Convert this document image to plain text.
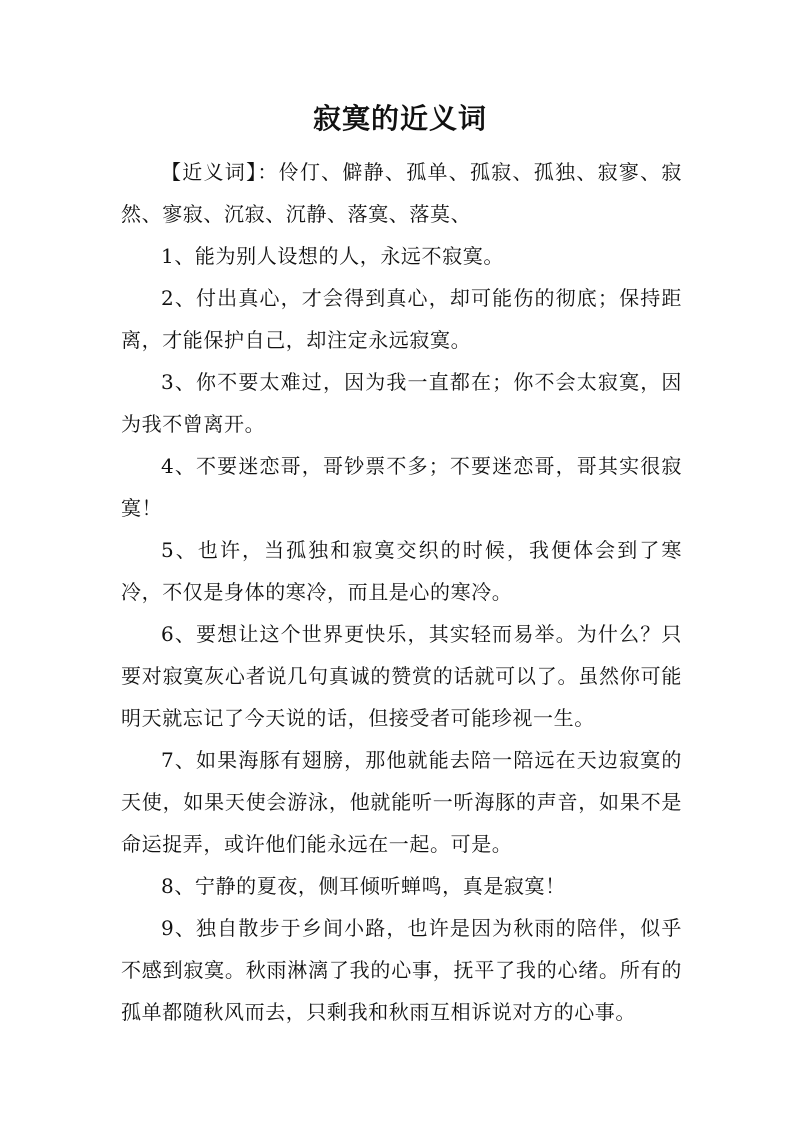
寂寞的近义词

【近义词】：伶仃、僻静、孤单、孤寂、孤独、寂寥、寂然、寥寂、沉寂、沉静、落寞、落莫、

1、能为别人设想的人，永远不寂寞。

2、付出真心，才会得到真心，却可能伤的彻底；保持距离，才能保护自己，却注定永远寂寞。

3、你不要太难过，因为我一直都在；你不会太寂寞，因为我不曾离开。

4、不要迷恋哥，哥钞票不多；不要迷恋哥，哥其实很寂寞！

5、也许，当孤独和寂寞交织的时候，我便体会到了寒冷，不仅是身体的寒冷，而且是心的寒冷。

6、要想让这个世界更快乐，其实轻而易举。为什么？只要对寂寞灰心者说几句真诚的赞赏的话就可以了。虽然你可能明天就忘记了今天说的话，但接受者可能珍视一生。

7、如果海豚有翅膀，那他就能去陪一陪远在天边寂寞的天使，如果天使会游泳，他就能听一听海豚的声音，如果不是命运捉弄，或许他们能永远在一起。可是。

8、宁静的夏夜，侧耳倾听蝉鸣，真是寂寞！

9、独自散步于乡间小路，也许是因为秋雨的陪伴，似乎不感到寂寞。秋雨淋漓了我的心事，抚平了我的心绪。所有的孤单都随秋风而去，只剩我和秋雨互相诉说对方的心事。
